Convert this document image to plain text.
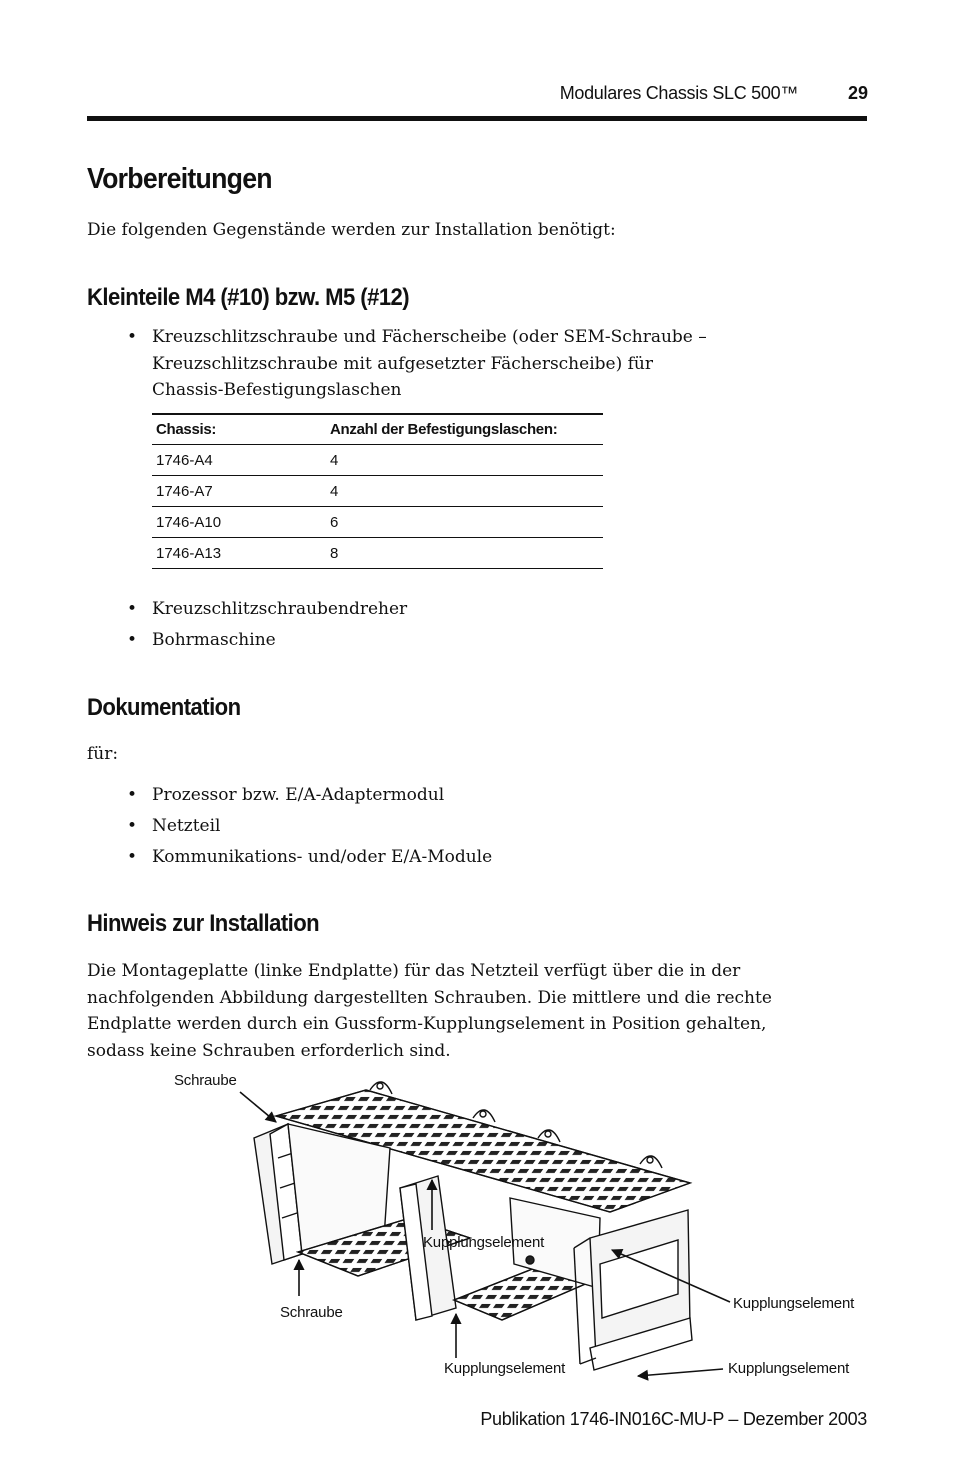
Modulares Chassis SLC 500™	29
Vorbereitungen

Die folgenden Gegenstände werden zur Installation benötigt:

Kleinteile M4 (#10) bzw. M5 (#12)
• Kreuzschlitzschraube und Fächerscheibe (oder SEM-Schraube –
Kreuzschlitzschraube mit aufgesetzter Fächerscheibe) für
Chassis-Befestigungslaschen
Chassis:	Anzahl der Befestigungslaschen:
1746-A4	4
1746-A7	4
1746-A10	6
1746-A13	8
• Kreuzschlitzschraubendreher
• Bohrmaschine
Dokumentation

für:

• Prozessor bzw. E/A-Adaptermodul
• Netzteil
• Kommunikations- und/oder E/A-Module
Hinweis zur Installation

Die Montageplatte (linke Endplatte) für das Netzteil verfügt über die in der
nachfolgenden Abbildung dargestellten Schrauben. Die mittlere und die rechte
Endplatte werden durch ein Gussform-Kupplungselement in Position gehalten,
sodass keine Schrauben erforderlich sind.

Schraube
Schraube
Kupplungselement
Kupplungselement
Kupplungselement	Kupplungselement
Publikation 1746-IN016C-MU-P – Dezember 2003
